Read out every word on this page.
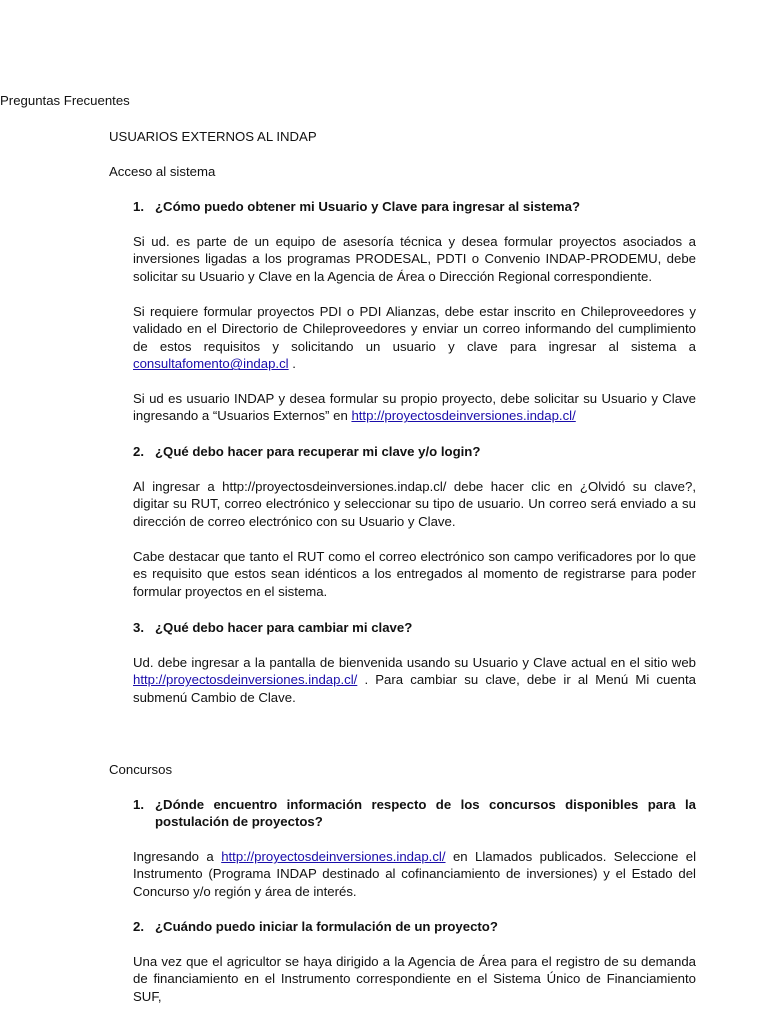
Preguntas Frecuentes

USUARIOS EXTERNOS AL INDAP

Acceso al sistema

1. ¿Cómo puedo obtener mi Usuario y Clave para ingresar al sistema?

Si ud. es parte de un equipo de asesoría técnica y desea formular proyectos asociados a inversiones ligadas a los programas PRODESAL, PDTI o Convenio INDAP-PRODEMU, debe solicitar su Usuario y Clave en la Agencia de Área o Dirección Regional correspondiente.

Si requiere formular proyectos PDI o PDI Alianzas, debe estar inscrito en Chileproveedores y validado en el Directorio de Chileproveedores y enviar un correo informando del cumplimiento de estos requisitos y solicitando un usuario y clave para ingresar al sistema a consultafomento@indap.cl .

Si ud es usuario INDAP y desea formular su propio proyecto, debe solicitar su Usuario y Clave ingresando a “Usuarios Externos” en http://proyectosdeinversiones.indap.cl/

2. ¿Qué debo hacer para recuperar mi clave y/o login?

Al ingresar a http://proyectosdeinversiones.indap.cl/ debe hacer clic en ¿Olvidó su clave?, digitar su RUT, correo electrónico y seleccionar su tipo de usuario. Un correo será enviado a su dirección de correo electrónico con su Usuario y Clave.

Cabe destacar que tanto el RUT como el correo electrónico son campo verificadores por lo que es requisito que estos sean idénticos a los entregados al momento de registrarse para poder formular proyectos en el sistema.

3. ¿Qué debo hacer para cambiar mi clave?

Ud. debe ingresar a la pantalla de bienvenida usando su Usuario y Clave actual en el sitio web http://proyectosdeinversiones.indap.cl/ . Para cambiar su clave, debe ir al Menú Mi cuenta submenú Cambio de Clave.

Concursos

1. ¿Dónde encuentro información respecto de los concursos disponibles para la postulación de proyectos?

Ingresando a http://proyectosdeinversiones.indap.cl/ en Llamados publicados. Seleccione el Instrumento (Programa INDAP destinado al cofinanciamiento de inversiones) y el Estado del Concurso y/o región y área de interés.

2. ¿Cuándo puedo iniciar la formulación de un proyecto?

Una vez que el agricultor se haya dirigido a la Agencia de Área para el registro de su demanda de financiamiento en el Instrumento correspondiente en el Sistema Único de Financiamiento SUF,
